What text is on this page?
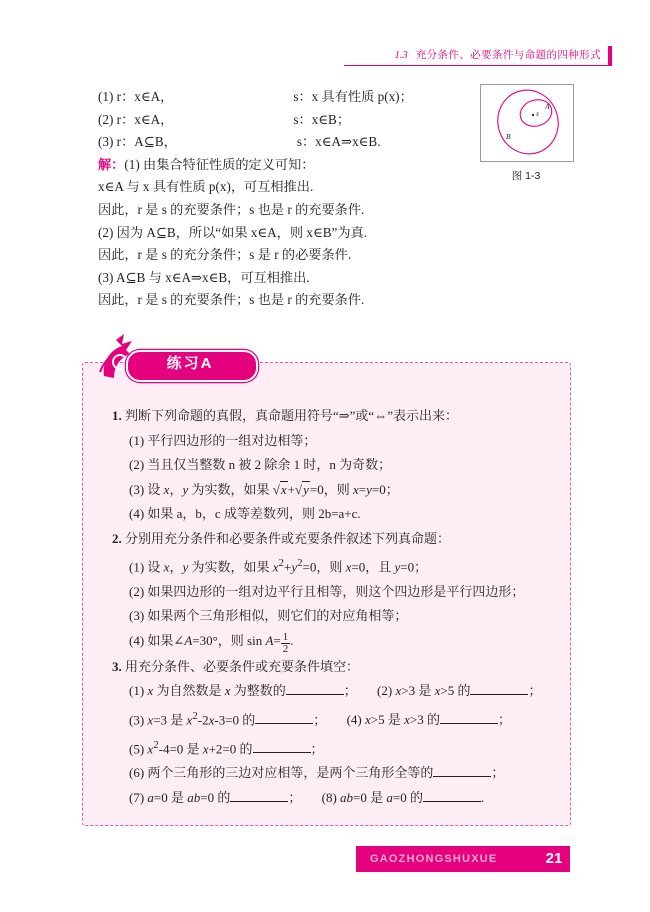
1.3 充分条件、必要条件与命题的四种形式

(1) r：x∈A，	s：x 具有性质 p(x)；

(2) r：x∈A，	s：x∈B；

(3) r：A⊆B，	s：x∈A⇒x∈B.

解：(1) 由集合特征性质的定义可知：

x∈A 与 x 具有性质 p(x)，可互相推出.

因此，r 是 s 的充要条件；s 也是 r 的充要条件.

(2) 因为 A⊆B，所以“如果 x∈A，则 x∈B”为真.

因此，r 是 s 的充分条件；s 是 r 的必要条件.

(3) A⊆B 与 x∈A⇒x∈B，可互相推出.

因此，r 是 s 的充要条件；s 也是 r 的充要条件.

x
A
B
图 1-3
练习A

1. 判断下列命题的真假，真命题用符号“⇒”或“⇔”表示出来：

(1) 平行四边形的一组对边相等；

(2) 当且仅当整数 n 被 2 除余 1 时，n 为奇数；

(3) 设 x，y 为实数，如果 √x+√y=0，则 x=y=0；

(4) 如果 a，b，c 成等差数列，则 2b=a+c.

2. 分别用充分条件和必要条件或充要条件叙述下列真命题：

(1) 设 x，y 为实数，如果 $x^2+y^2=0$，则 x=0，且 y=0；

(2) 如果四边形的一组对边平行且相等，则这个四边形是平行四边形；

(3) 如果两个三角形相似，则它们的对应角相等；

(4) 如果∠A=30°，则 $\sin A= \frac{1}{2}$ .

3. 用充分条件、必要条件或充要条件填空：

(1) x 为自然数是 x 为整数的	；

(2) x>3 是 x>5 的	；

(3) x=3 是 $x^2-2x-3=0$ 的	；

(4) x>5 是 x>3 的	；

(5) $x^2-4=0$ 是 x+2=0 的	；

(6) 两个三角形的三边对应相等，是两个三角形全等的	；

(7) a=0 是 ab=0 的	；

(8) ab=0 是 a=0 的	.

GAOZHONGSHUXUE	21
